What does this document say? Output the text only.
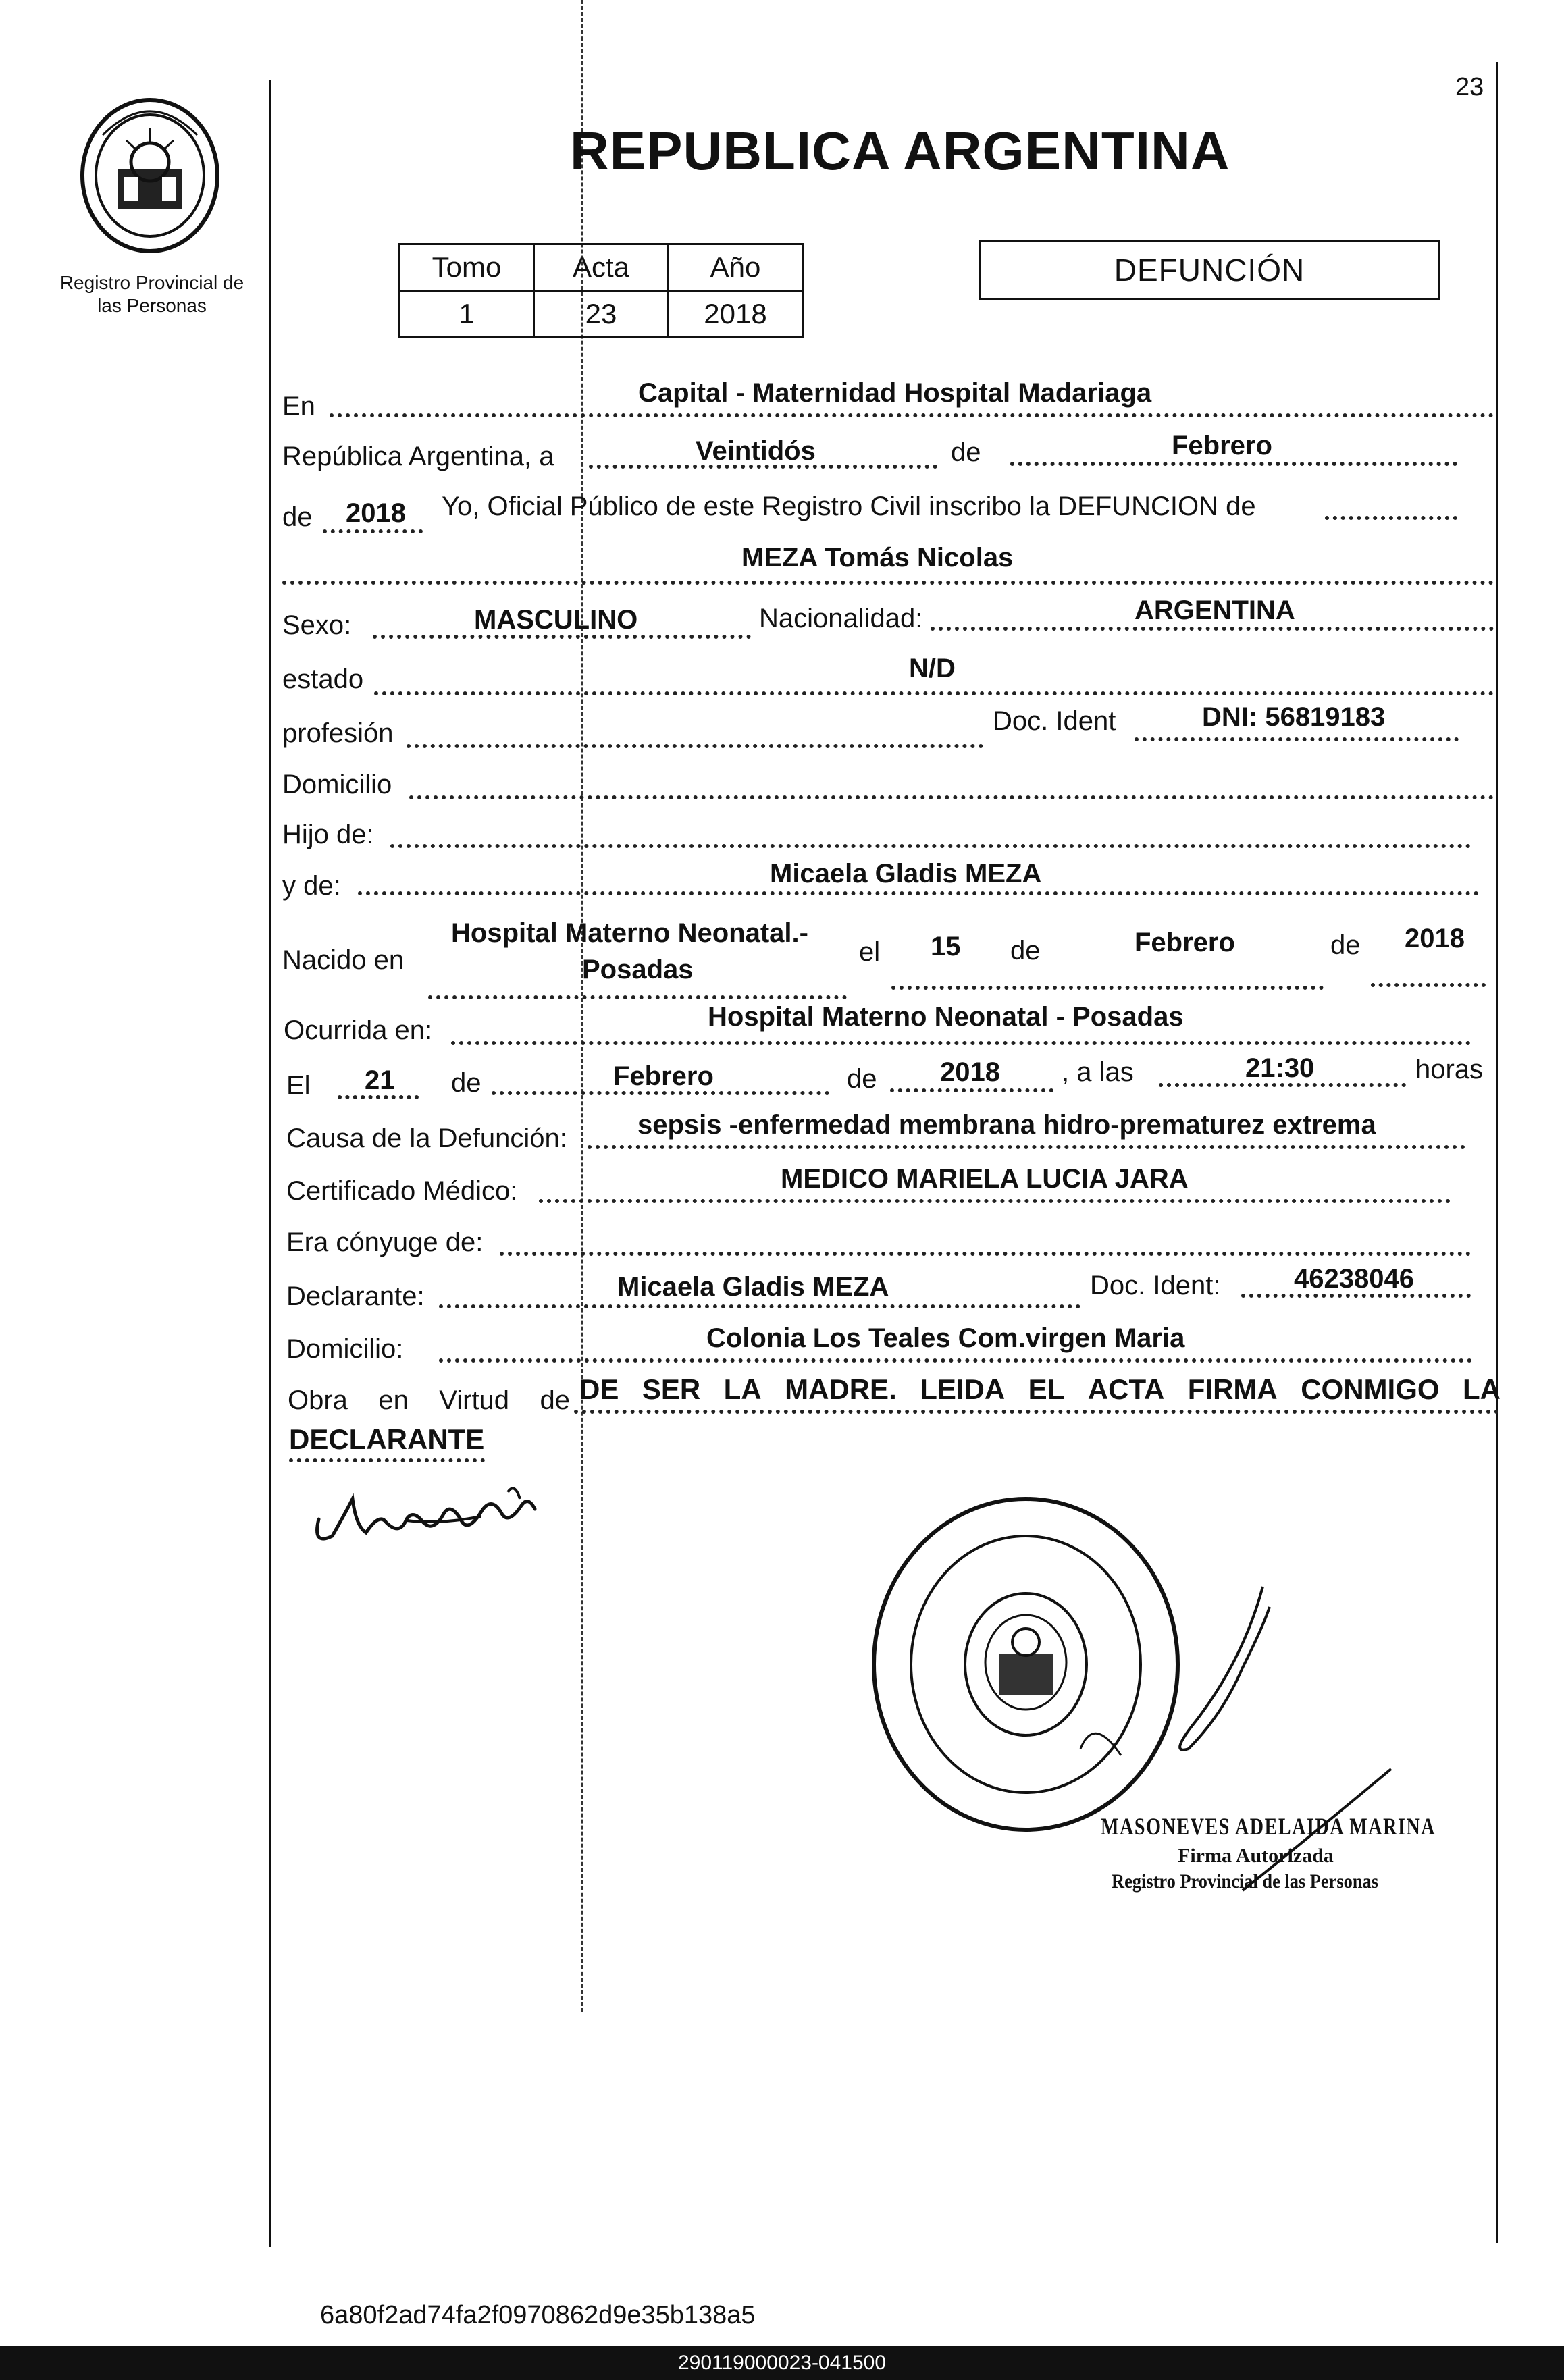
Registro Provincial de
las Personas
23
REPUBLICA ARGENTINA
Tomo	Acta	Año
1	23	2018
DEFUNCIÓN
En	Capital - Maternidad Hospital Madariaga
República Argentina, a	Veintidós	de	Febrero
de 2018 Yo, Oficial Público de este Registro Civil inscribo la DEFUNCION de
MEZA Tomás Nicolas
Sexo:	MASCULINO	Nacionalidad:	ARGENTINA
estado	N/D
profesión	Doc. Ident	DNI: 56819183
Domicilio
Hijo de:
y de:	Micaela Gladis MEZA
Nacido en
Hospital Materno Neonatal.-
Posadas
el 15 de	Febrero	de 2018
Ocurrida en:	Hospital Materno Neonatal - Posadas
El 21 de	Febrero	de 2018 , a las	21:30	horas
Causa de la Defunción:	sepsis -enfermedad membrana hidro-prematurez extrema
Certificado Médico:	MEDICO MARIELA LUCIA JARA
Era cónyuge de:
Declarante:	Micaela Gladis MEZA	Doc. Ident:	46238046
Domicilio:	Colonia Los Teales Com.virgen Maria
Obra en Virtud de DE SER LA MADRE. LEIDA EL ACTA FIRMA CONMIGO LA
DECLARANTE
MASONEVES ADELAIDA MARINA
Firma Autorizada
Registro Provincial de las Personas
6a80f2ad74fa2f0970862d9e35b138a5
290119000023-041500
